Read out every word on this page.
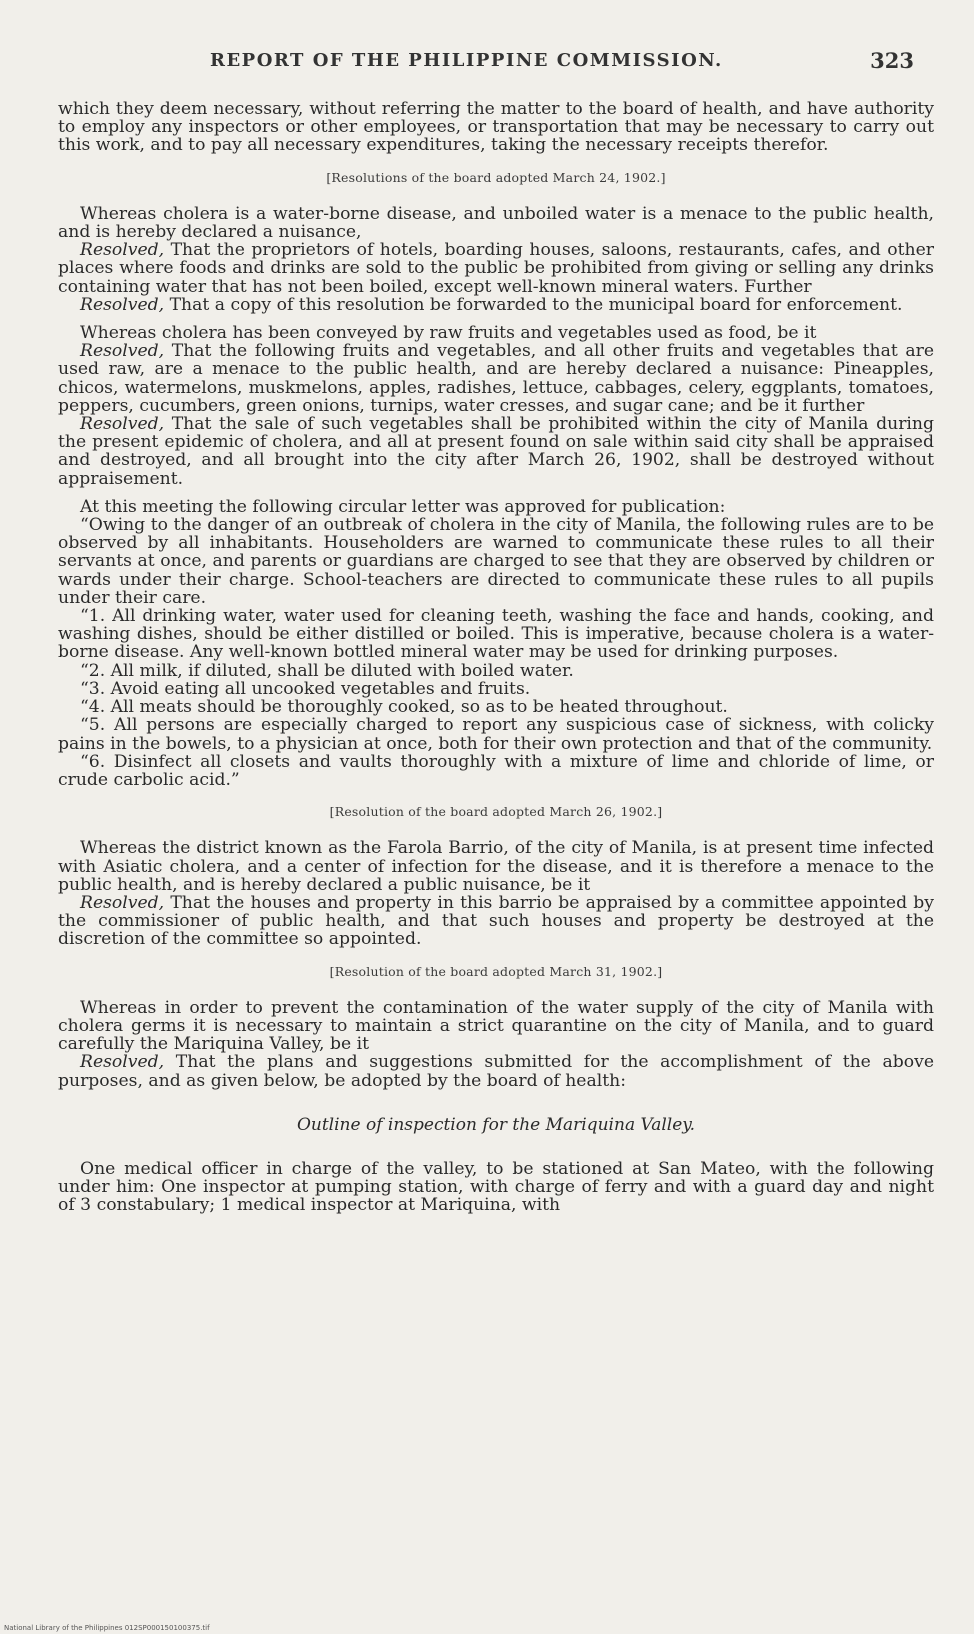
REPORT OF THE PHILIPPINE COMMISSION.	323

which they deem necessary, without referring the matter to the board of health, and have authority to employ any inspectors or other employees, or transportation that may be necessary to carry out this work, and to pay all necessary expenditures, taking the necessary receipts therefor.

[Resolutions of the board adopted March 24, 1902.]

Whereas cholera is a water-borne disease, and unboiled water is a menace to the public health, and is hereby declared a nuisance,

Resolved, That the proprietors of hotels, boarding houses, saloons, restaurants, cafes, and other places where foods and drinks are sold to the public be prohibited from giving or selling any drinks containing water that has not been boiled, except well-known mineral waters. Further

Resolved, That a copy of this resolution be forwarded to the municipal board for enforcement.

Whereas cholera has been conveyed by raw fruits and vegetables used as food, be it

Resolved, That the following fruits and vegetables, and all other fruits and vegetables that are used raw, are a menace to the public health, and are hereby declared a nuisance: Pineapples, chicos, watermelons, muskmelons, apples, radishes, lettuce, cabbages, celery, eggplants, tomatoes, peppers, cucumbers, green onions, turnips, water cresses, and sugar cane; and be it further

Resolved, That the sale of such vegetables shall be prohibited within the city of Manila during the present epidemic of cholera, and all at present found on sale within said city shall be appraised and destroyed, and all brought into the city after March 26, 1902, shall be destroyed without appraisement.

At this meeting the following circular letter was approved for publication:

“Owing to the danger of an outbreak of cholera in the city of Manila, the following rules are to be observed by all inhabitants. Householders are warned to communicate these rules to all their servants at once, and parents or guardians are charged to see that they are observed by children or wards under their charge. School-teachers are directed to communicate these rules to all pupils under their care.

“1. All drinking water, water used for cleaning teeth, washing the face and hands, cooking, and washing dishes, should be either distilled or boiled. This is imperative, because cholera is a water-borne disease. Any well-known bottled mineral water may be used for drinking purposes.

“2. All milk, if diluted, shall be diluted with boiled water.

“3. Avoid eating all uncooked vegetables and fruits.

“4. All meats should be thoroughly cooked, so as to be heated throughout.

“5. All persons are especially charged to report any suspicious case of sickness, with colicky pains in the bowels, to a physician at once, both for their own protection and that of the community.

“6. Disinfect all closets and vaults thoroughly with a mixture of lime and chloride of lime, or crude carbolic acid.”

[Resolution of the board adopted March 26, 1902.]

Whereas the district known as the Farola Barrio, of the city of Manila, is at present time infected with Asiatic cholera, and a center of infection for the disease, and it is therefore a menace to the public health, and is hereby declared a public nuisance, be it

Resolved, That the houses and property in this barrio be appraised by a committee appointed by the commissioner of public health, and that such houses and property be destroyed at the discretion of the committee so appointed.

[Resolution of the board adopted March 31, 1902.]

Whereas in order to prevent the contamination of the water supply of the city of Manila with cholera germs it is necessary to maintain a strict quarantine on the city of Manila, and to guard carefully the Mariquina Valley, be it

Resolved, That the plans and suggestions submitted for the accomplishment of the above purposes, and as given below, be adopted by the board of health:

Outline of inspection for the Mariquina Valley.

One medical officer in charge of the valley, to be stationed at San Mateo, with the following under him: One inspector at pumping station, with charge of ferry and with a guard day and night of 3 constabulary; 1 medical inspector at Mariquina, with

National Library of the Philippines 012SP000150100375.tif
